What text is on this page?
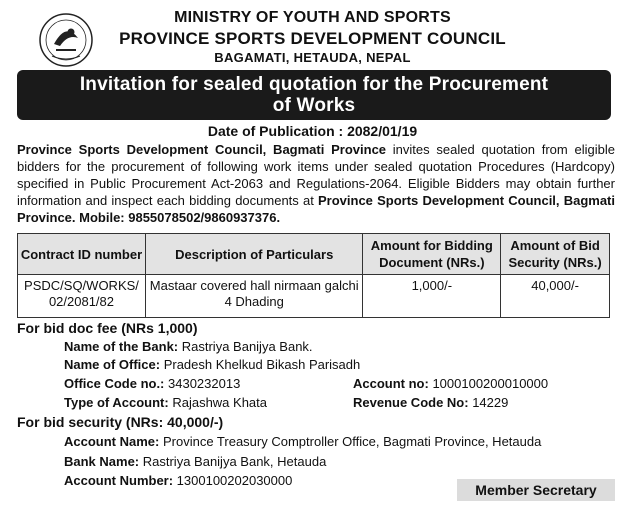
MINISTRY OF YOUTH AND SPORTS
PROVINCE SPORTS DEVELOPMENT COUNCIL
BAGAMATI, HETAUDA, NEPAL
Invitation for sealed quotation for the Procurement
of Works
Date of Publication : 2082/01/19
Province Sports Development Council, Bagmati Province invites sealed quotation from eligible bidders for the procurement of following work items under sealed quotation Procedures (Hardcopy) specified in Public Procurement Act-2063 and Regulations-2064. Eligible Bidders may obtain further information and inspect each bidding documents at Province Sports Development Council, Bagmati Province. Mobile: 9855078502/9860937376.
Contract ID number	Description of Particulars	Amount for Bidding Document (NRs.)	Amount of Bid Security (NRs.)
PSDC/SQ/WORKS/ 02/2081/82	Mastaar covered hall nirmaan galchi 4 Dhading	1,000/-	40,000/-
For bid doc fee (NRs 1,000)
Name of the Bank: Rastriya Banijya Bank.
Name of Office: Pradesh Khelkud Bikash Parisadh
Office Code no.: 3430232013	Account no: 1000100200010000
Type of Account: Rajashwa Khata	Revenue Code No: 14229
For bid security (NRs: 40,000/-)
Account Name: Province Treasury Comptroller Office, Bagmati Province, Hetauda
Bank Name: Rastriya Banijya Bank, Hetauda
Account Number: 1300100202030000
Member Secretary
